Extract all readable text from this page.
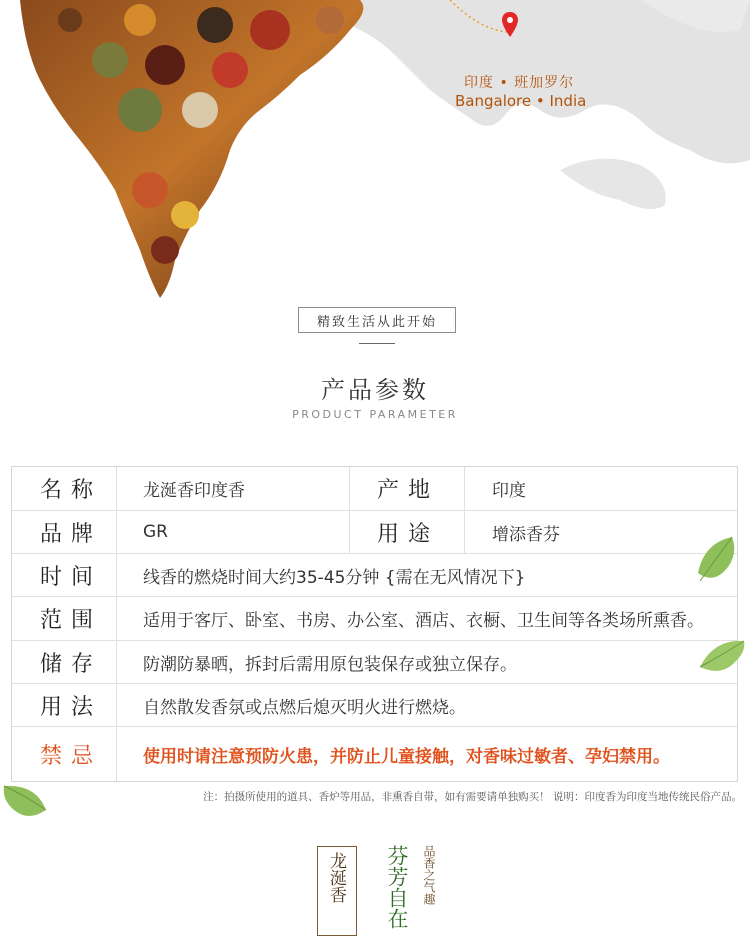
印度 • 班加罗尔
Bangalore • India
精致生活从此开始
产品参数
PRODUCT PARAMETER
名称 龙涎香印度香	产地	印度
品牌 GR	用途	增添香芬
时间 线香的燃烧时间大约35-45分钟 {需在无风情况下}
范围 适用于客厅、卧室、书房、办公室、酒店、衣橱、卫生间等各类场所熏香。
储存 防潮防暴晒，拆封后需用原包装保存或独立保存。
用法 自然散发香氛或点燃后熄灭明火进行燃烧。
禁忌 使用时请注意预防火患，并防止儿童接触，对香味过敏者、孕妇禁用。
注：拍摄所使用的道具、香炉等用品，非熏香自带，如有需要请单独购买！ 说明：印度香为印度当地传统民俗产品。
龙涎香 芬芳自在 品香之气趣
